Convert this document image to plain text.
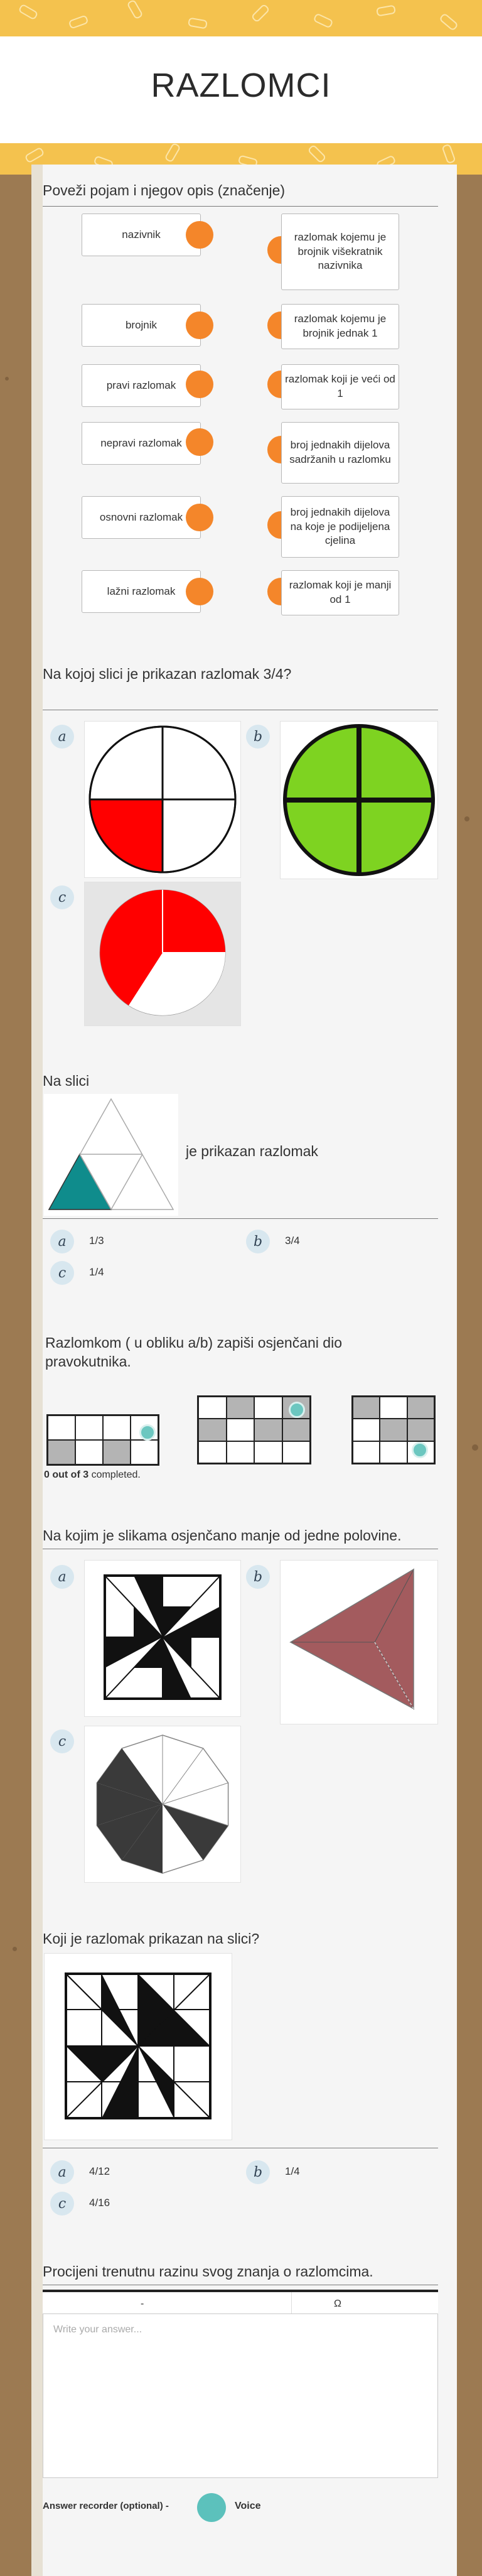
RAZLOMCI
Poveži pojam i njegov opis (značenje)
nazivnik
brojnik
pravi razlomak
nepravi razlomak
osnovni razlomak
lažni razlomak
razlomak kojemu je brojnik višekratnik nazivnika
razlomak kojemu je brojnik jednak 1
razlomak koji je veći od 1
broj jednakih dijelova sadržanih u razlomku
broj jednakih dijelova na koje je podijeljena cjelina
razlomak koji je manji od 1
Na kojoj slici je prikazan razlomak 3/4?
a	b
c
Na slici
je prikazan razlomak
a	1/3	b	3/4
c	1/4
Razlomkom ( u obliku a/b) zapiši osjenčani dio pravokutnika.
0 out of 3 completed.
Na kojim je slikama osjenčano manje od jedne polovine.
a	b
c
Koji je razlomak prikazan na slici?
a	4/12	b	1/4
c	4/16
Procijeni trenutnu razinu svog znanja o razlomcima.
-	Ω
Write your answer...
Answer recorder (optional) -	Voice
